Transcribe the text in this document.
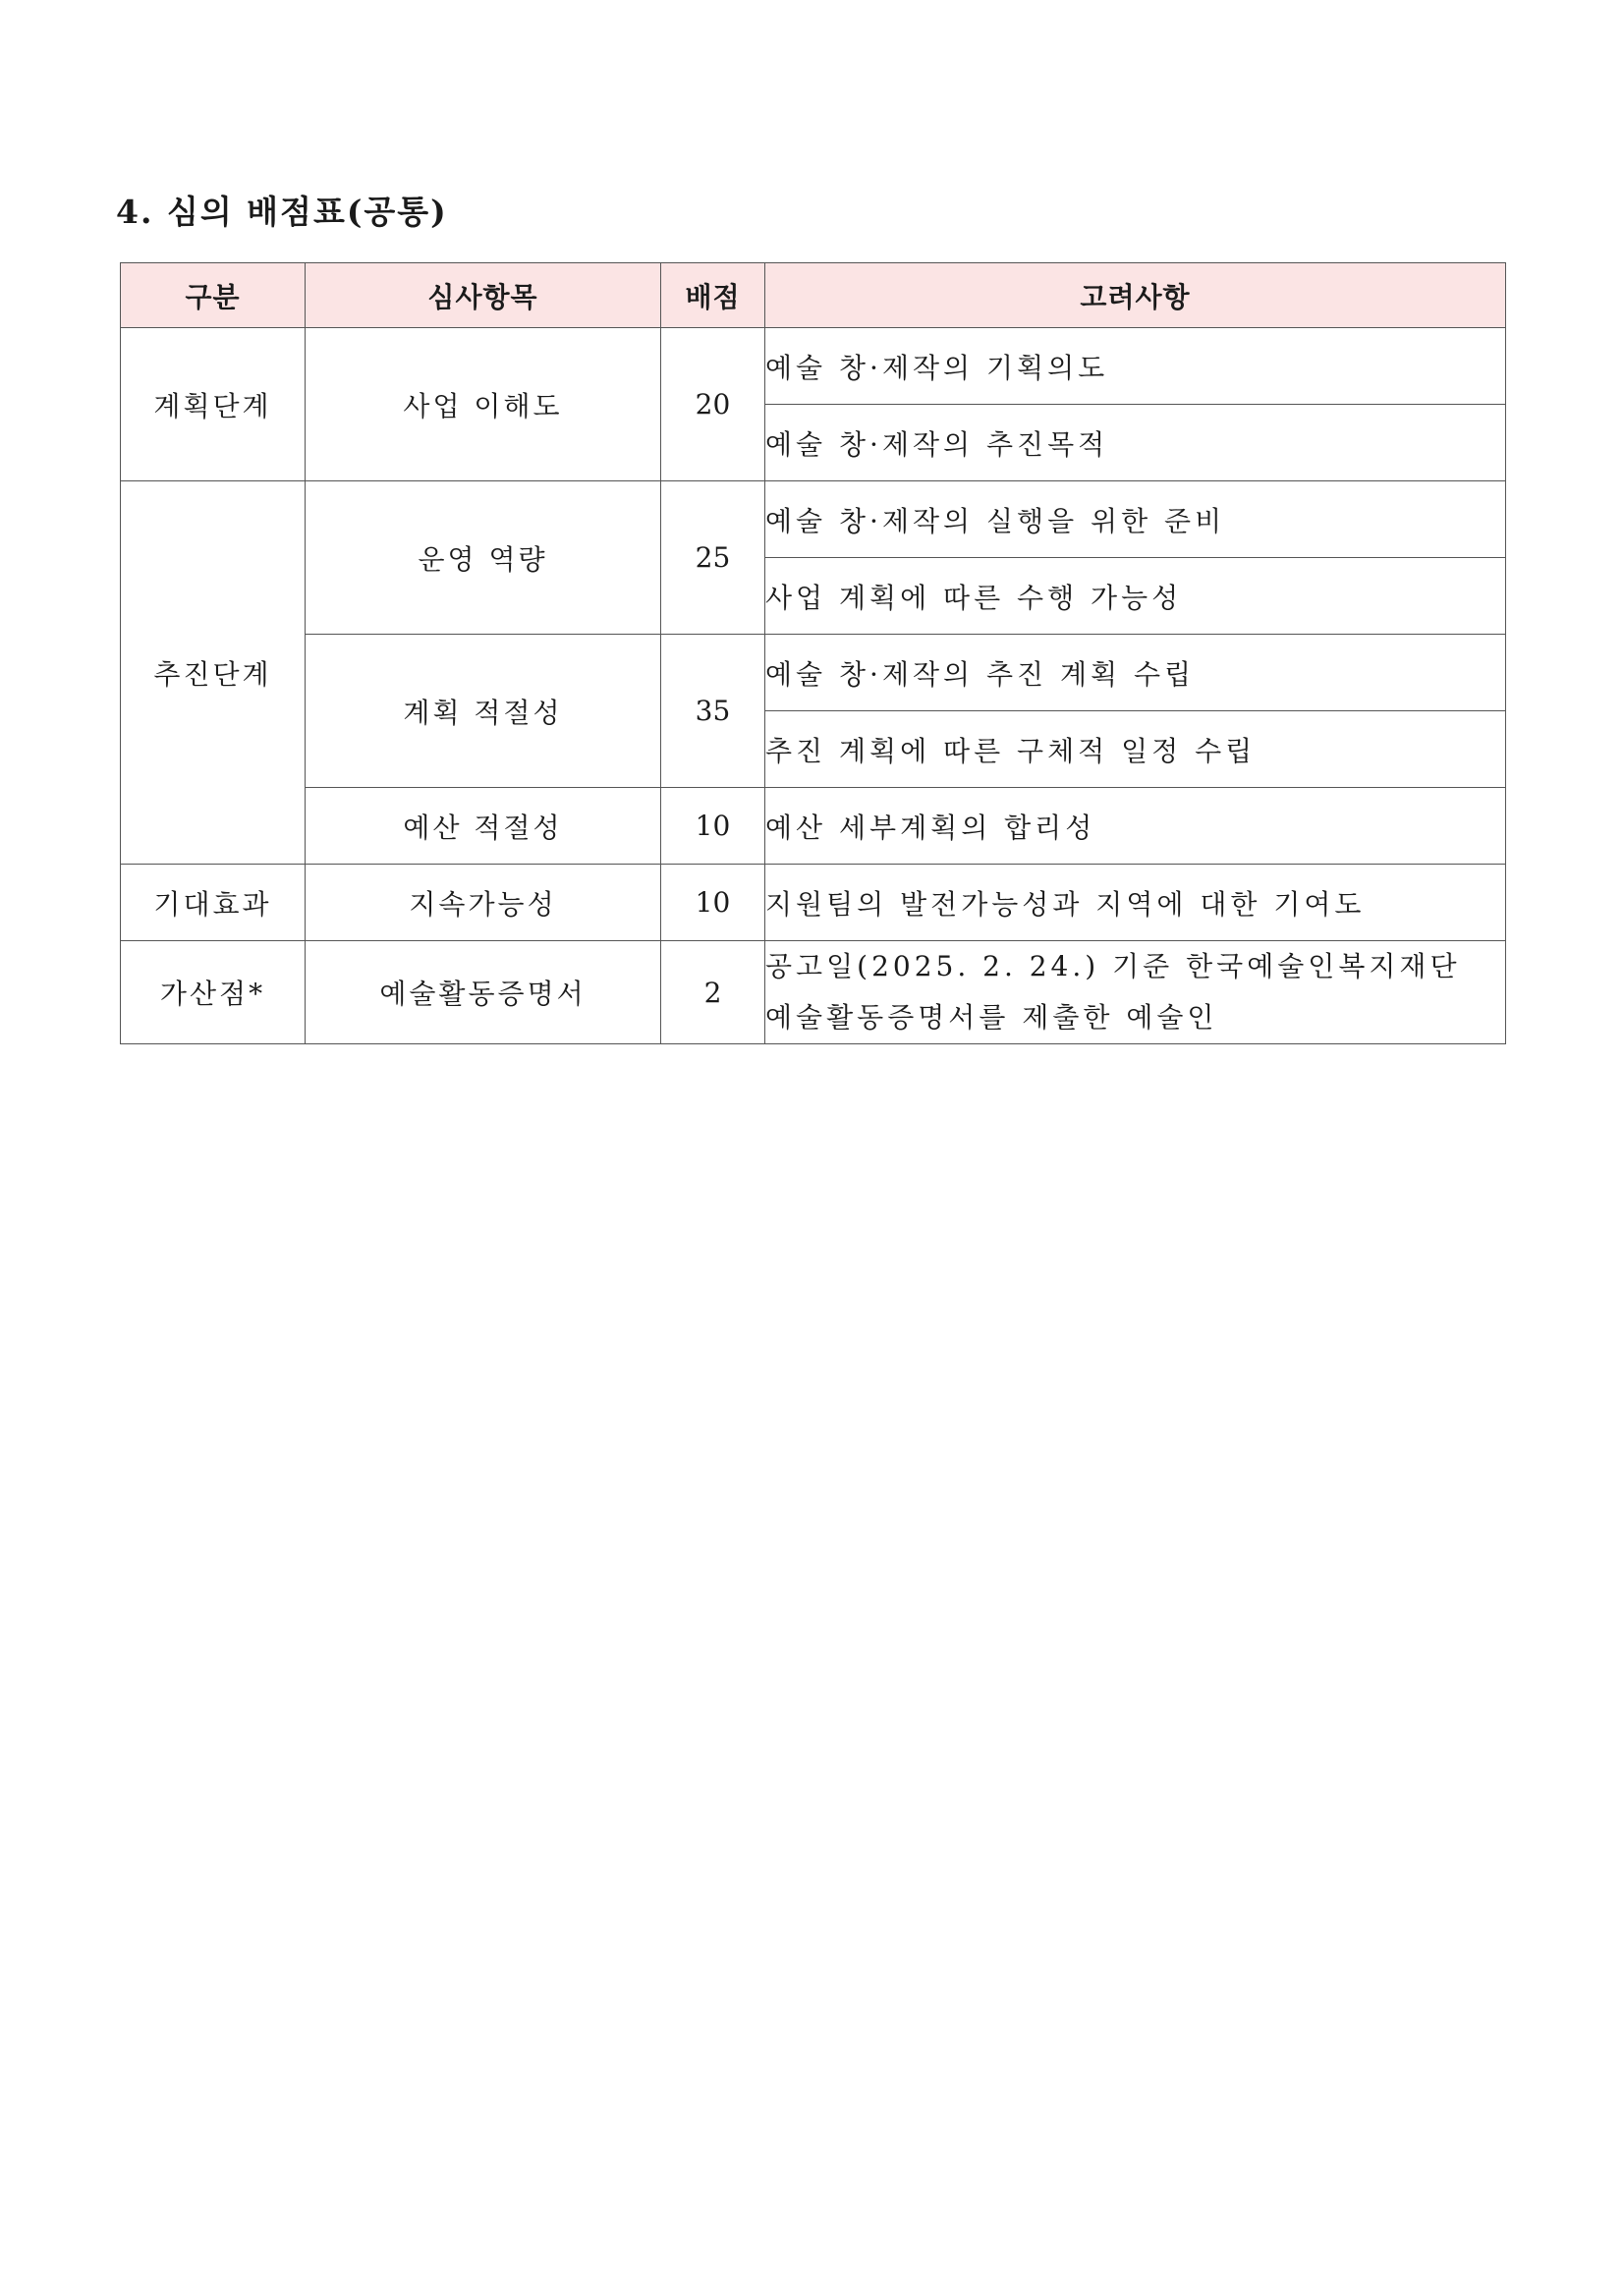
4. 심의 배점표(공통)
구분	심사항목	배점	고려사항
계획단계	사업 이해도	20	예술 창·제작의 기획의도
			예술 창·제작의 추진목적
추진단계	운영 역량	25	예술 창·제작의 실행을 위한 준비
			사업 계획에 따른 수행 가능성
	계획 적절성	35	예술 창·제작의 추진 계획 수립
			추진 계획에 따른 구체적 일정 수립
	예산 적절성	10	예산 세부계획의 합리성
기대효과	지속가능성	10	지원팀의 발전가능성과 지역에 대한 기여도
가산점*	예술활동증명서	2	공고일(2025. 2. 24.) 기준 한국예술인복지재단
예술활동증명서를 제출한 예술인
